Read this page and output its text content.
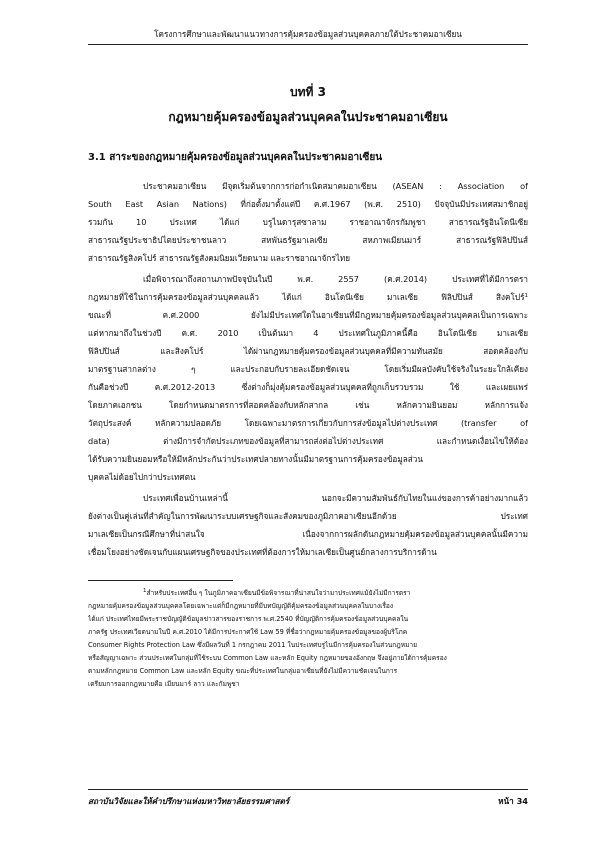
โครงการศึกษาและพัฒนาแนวทางการคุ้มครองข้อมูลส่วนบุคคลภายใต้ประชาคมอาเซียน
บทที่ 3
กฎหมายคุ้มครองข้อมูลส่วนบุคคลในประชาคมอาเซียน
3.1 สาระของกฎหมายคุ้มครองข้อมูลส่วนบุคคลในประชาคมอาเซียน
ประชาคมอาเซียน มีจุดเริ่มต้นจากการก่อกำเนิดสมาคมอาเซียน (ASEAN : Association of
South East Asian Nations) ที่ก่อตั้งมาตั้งแต่ปี ค.ศ.1967 (พ.ศ. 2510) ปัจจุบันมีประเทศสมาชิกอยู่
รวมกัน 10 ประเทศ ได้แก่ บรูไนดารุสซาลาม ราชอาณาจักรกัมพูชา สาธารณรัฐอินโดนีเซีย
สาธารณรัฐประชาธิปไตยประชาชนลาว สหพันธรัฐมาเลเซีย สหภาพเมียนมาร์ สาธารณรัฐฟิลิปปินส์
สาธารณรัฐสิงคโปร์ สาธารณรัฐสังคมนิยมเวียดนาม และราชอาณาจักรไทย
เมื่อพิจารณาถึงสถานภาพปัจจุบันในปี พ.ศ. 2557 (ค.ศ.2014) ประเทศที่ได้มีการตรา
กฎหมายที่ใช้ในการคุ้มครองข้อมูลส่วนบุคคลแล้ว ได้แก่ อินโดนีเซีย มาเลเซีย ฟิลิปปินส์ สิงคโปร์$^1$
ขณะที่ ค.ศ.2000 ยังไม่มีประเทศใดในอาเซียนที่มีกฎหมายคุ้มครองข้อมูลส่วนบุคคลเป็นการเฉพาะ
แต่หากมาถึงในช่วงปี ค.ศ. 2010 เป็นต้นมา 4 ประเทศในภูมิภาคนี้คือ อินโดนีเซีย มาเลเซีย
ฟิลิปปินส์ และสิงคโปร์ ได้ผ่านกฎหมายคุ้มครองข้อมูลส่วนบุคคลที่มีความทันสมัย สอดคล้องกับ
มาตรฐานสากลต่าง ๆ และประกอบกับรายละเอียดชัดเจน โดยเริ่มมีผลบังคับใช้จริงในระยะใกล้เคียง
กันคือช่วงปี ค.ศ.2012-2013 ซึ่งต่างก็มุ่งคุ้มครองข้อมูลส่วนบุคคลที่ถูกเก็บรวบรวม ใช้ และเผยแพร่
โดยภาคเอกชน โดยกำหนดมาตรการที่สอดคล้องกับหลักสากล เช่น หลักความยินยอม หลักการแจ้ง
วัตถุประสงค์ หลักความปลอดภัย โดยเฉพาะมาตรการเกี่ยวกับการส่งข้อมูลไปต่างประเทศ (transfer of
data) ต่างมีการจำกัดประเภทของข้อมูลที่สามารถส่งต่อไปต่างประเทศ และกำหนดเงื่อนไขให้ต้อง
ได้รับความยินยอมหรือให้มีหลักประกันว่าประเทศปลายทางนั้นมีมาตรฐานการคุ้มครองข้อมูลส่วน
บุคคลไม่ด้อยไปกว่าประเทศตน
ประเทศเพื่อนบ้านเหล่านี้ นอกจะมีความสัมพันธ์กับไทยในแง่ของการค้าอย่างมากแล้ว
ยังต่างเป็นคู่เล่นที่สำคัญในการพัฒนาระบบเศรษฐกิจและสังคมของภูมิภาคอาเซียนอีกด้วย ประเทศ
มาเลเซียเป็นกรณีศึกษาที่น่าสนใจ เนื่องจากการผลักดันกฎหมายคุ้มครองข้อมูลส่วนบุคคลนั้นมีความ
เชื่อมโยงอย่างชัดเจนกับแผนเศรษฐกิจของประเทศที่ต้องการให้มาเลเซียเป็นศูนย์กลางการบริการด้าน
$^1$สำหรับประเทศอื่น ๆ ในภูมิภาคอาเซียนมีข้อพิจารณาที่น่าสนใจว่ามาประเทศแม้ยังไม่มีการตรา
กฎหมายคุ้มครองข้อมูลส่วนบุคคลโดยเฉพาะแต่ก็มีกฎหมายที่มีบทบัญญัติคุ้มครองข้อมูลส่วนบุคคลในบางเรื่อง
ได้แก่ ประเทศไทยมีพระราชบัญญัติข้อมูลข่าวสารของราชการ พ.ศ.2540 ที่บัญญัติการคุ้มครองข้อมูลส่วนบุคคลใน
ภาครัฐ ประเทศเวียดนามในปี ค.ศ.2010 ได้มีการประกาศใช้ Law 59 ที่ชื่อว่ากฎหมายคุ้มครองข้อมูลของผู้บริโภค
Consumer Rights Protection Law ซึ่งมีผลวันที่ 1 กรกฎาคม 2011 ในประเทศบรูไนมีการคุ้มครองในส่วนกฎหมาย
หรือสัญญาเฉพาะ ส่วนประเทศในกลุ่มที่ใช้ระบบ Common Law และหลัก Equity กฎหมายของอังกฤษ จึงอยู่ภายใต้การคุ้มครอง
ตามหลักกฎหมาย Common Law และหลัก Equity ขณะที่ประเทศในกลุ่มอาเซียนที่ยังไม่มีความชัดเจนในการ
เตรียมการออกกฎหมายคือ เมียนมาร์ ลาว และกัมพูชา
สถาบันวิจัยและให้คำปรึกษาแห่งมหาวิทยาลัยธรรมศาสตร์	หน้า 34
